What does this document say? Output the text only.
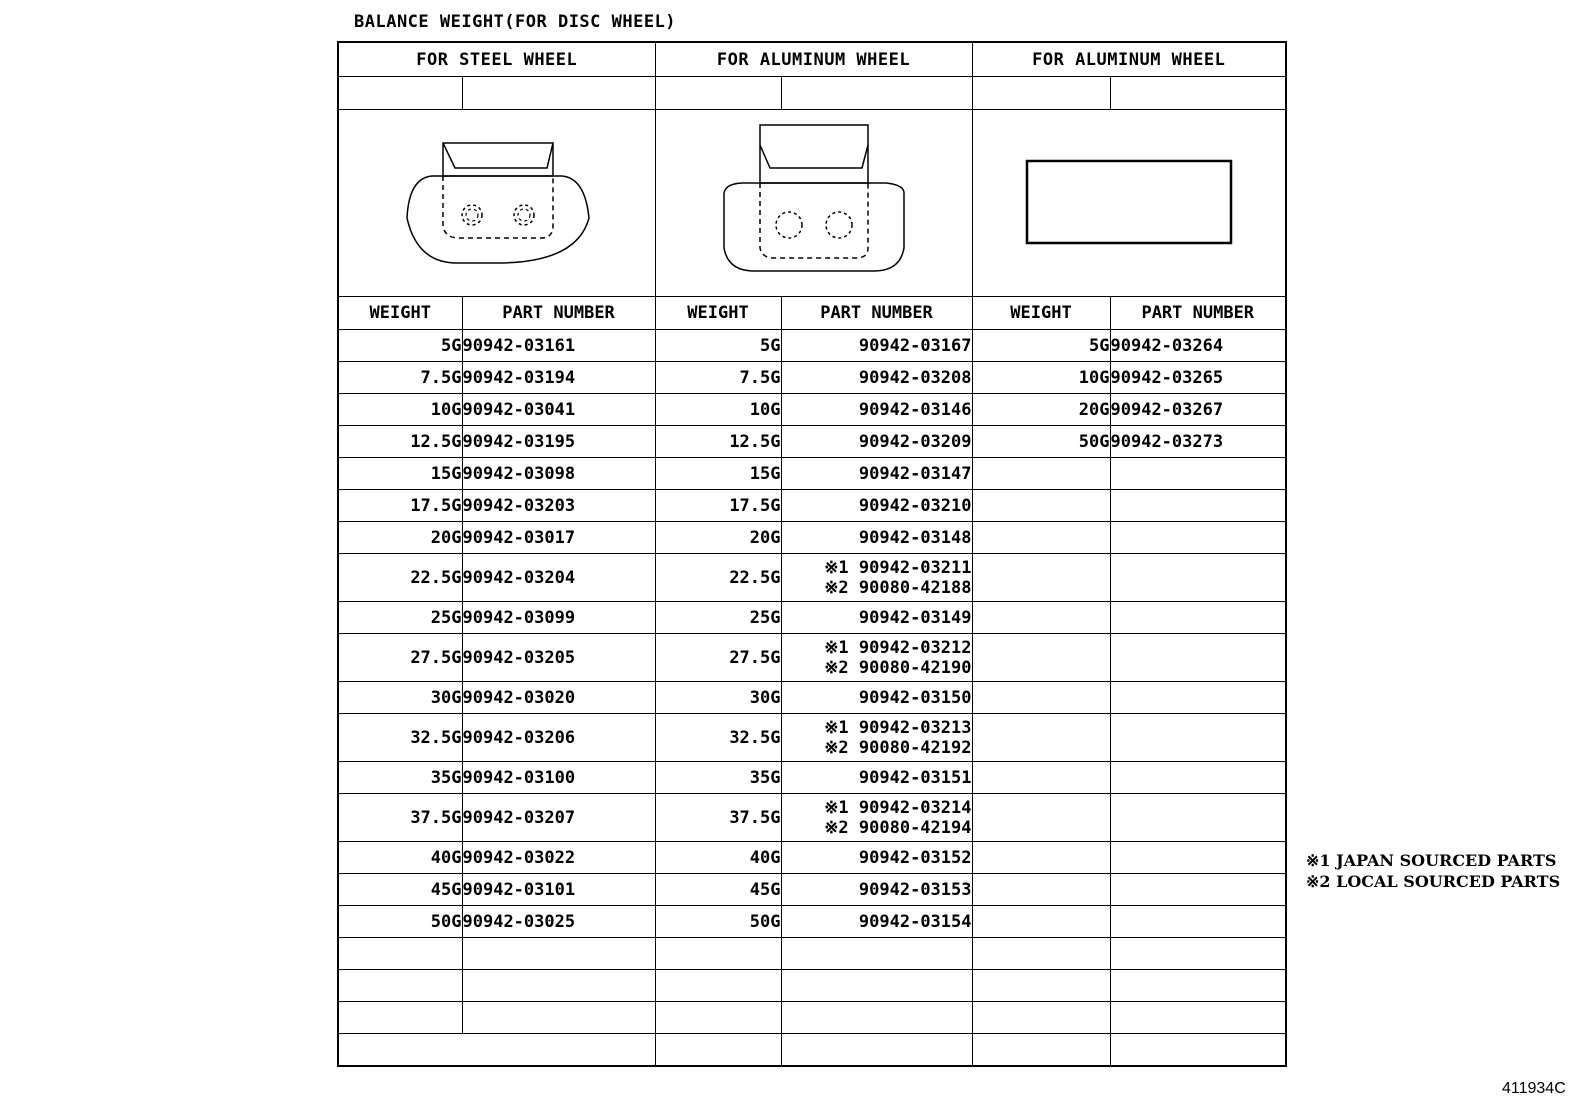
BALANCE WEIGHT(FOR DISC WHEEL)
FOR STEEL WHEEL		FOR ALUMINUM WHEEL		FOR ALUMINUM WHEEL	

WEIGHT	PART NUMBER	WEIGHT	PART NUMBER	WEIGHT	PART NUMBER
5G	90942-03161	5G	90942-03167	5G	90942-03264
7.5G	90942-03194	7.5G	90942-03208	10G	90942-03265
10G	90942-03041	10G	90942-03146	20G	90942-03267
12.5G	90942-03195	12.5G	90942-03209	50G	90942-03273
15G	90942-03098	15G	90942-03147		
17.5G	90942-03203	17.5G	90942-03210		
20G	90942-03017	20G	90942-03148		
22.5G	90942-03204	22.5G	※1 90942-03211
※2 90080-42188		

25G	90942-03099	25G	90942-03149		
27.5G	90942-03205	27.5G	※1 90942-03212
※2 90080-42190		

30G	90942-03020	30G	90942-03150		
32.5G	90942-03206	32.5G	※1 90942-03213
※2 90080-42192		

35G	90942-03100	35G	90942-03151		
37.5G	90942-03207	37.5G	※1 90942-03214
※2 90080-42194		

40G	90942-03022	40G	90942-03152		
45G	90942-03101	45G	90942-03153		
50G	90942-03025	50G	90942-03154		

※1 JAPAN SOURCED PARTS
※2 LOCAL SOURCED PARTS
411934C
